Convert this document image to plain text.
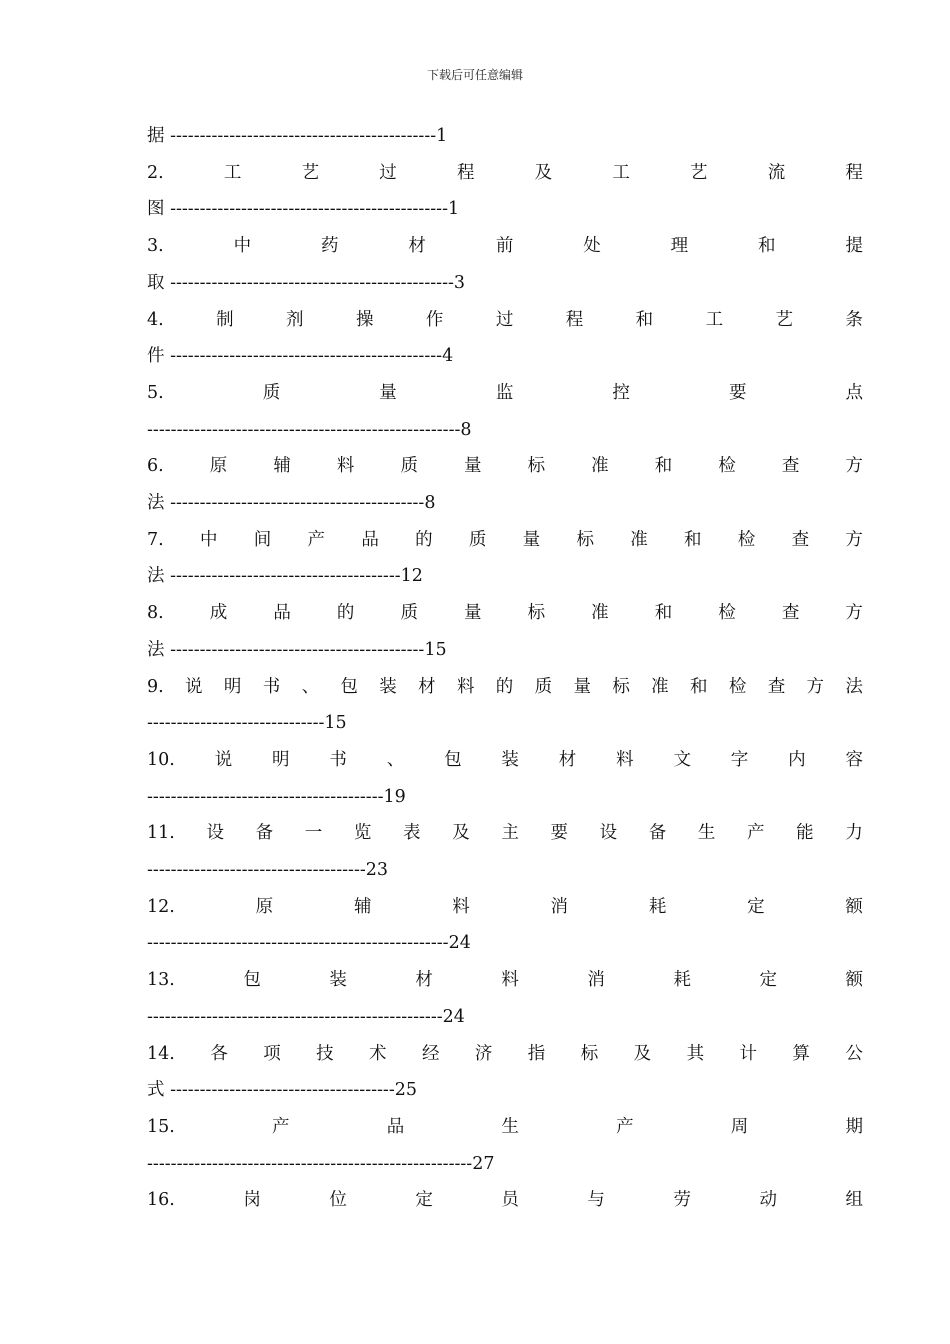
下载后可任意编辑
据 ---------------------------------------------1
2.	工	艺	过	程	及	工	艺	流	程
图 -----------------------------------------------1
3.	中	药	材	前	处	理	和	提
取 ------------------------------------------------3
4.	制	剂	操	作	过	程	和	工	艺	条
件 ----------------------------------------------4
5.	质	量	监	控	要	点
-----------------------------------------------------8
6.	原	辅	料	质	量	标	准	和	检	查	方
法 -------------------------------------------8
7. 中 间 产 品 的 质 量 标 准 和 检 查 方
法 ---------------------------------------12
8.	成	品	的	质	量	标	准	和	检	查	方
法 -------------------------------------------15
9. 说 明 书 、 包 装 材 料 的 质 量 标 准 和 检 查 方 法
------------------------------15
10. 说 明 书 、 包 装 材 料 文 字 内 容
----------------------------------------19
11. 设 备 一 览 表 及 主 要 设 备 生 产 能 力
-------------------------------------23
12.	原	辅	料	消	耗	定	额
---------------------------------------------------24
13.	包	装	材	料	消	耗	定	额
--------------------------------------------------24
14. 各 项 技 术 经 济 指 标 及 其 计 算 公
式 --------------------------------------25
15.	产	品	生	产	周	期
-------------------------------------------------------27
16.	岗	位	定	员	与	劳	动	组
